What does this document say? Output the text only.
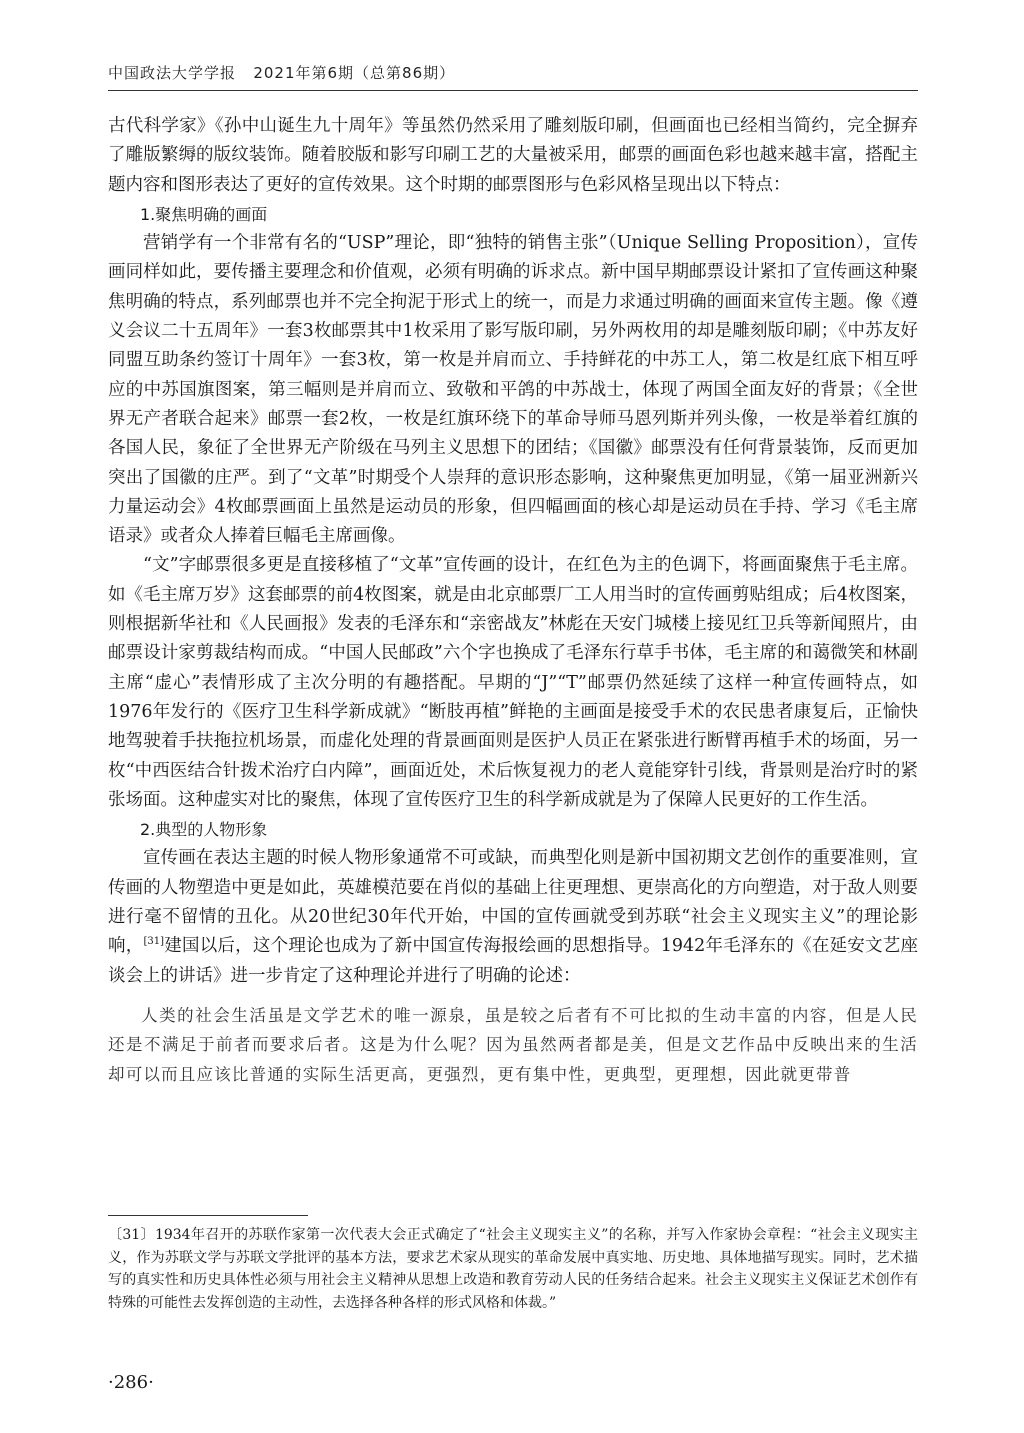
中国政法大学学报 2021年第6期（总第86期）

古代科学家》《孙中山诞生九十周年》等虽然仍然采用了雕刻版印刷，但画面也已经相当简约，完全摒弃了雕版繁缛的版纹装饰。随着胶版和影写印刷工艺的大量被采用，邮票的画面色彩也越来越丰富，搭配主题内容和图形表达了更好的宣传效果。这个时期的邮票图形与色彩风格呈现出以下特点：

1.聚焦明确的画面

营销学有一个非常有名的“USP”理论，即“独特的销售主张”（Unique Selling Proposition），宣传画同样如此，要传播主要理念和价值观，必须有明确的诉求点。新中国早期邮票设计紧扣了宣传画这种聚焦明确的特点，系列邮票也并不完全拘泥于形式上的统一，而是力求通过明确的画面来宣传主题。像《遵义会议二十五周年》一套3枚邮票其中1枚采用了影写版印刷，另外两枚用的却是雕刻版印刷；《中苏友好同盟互助条约签订十周年》一套3枚，第一枚是并肩而立、手持鲜花的中苏工人，第二枚是红底下相互呼应的中苏国旗图案，第三幅则是并肩而立、致敬和平鸽的中苏战士，体现了两国全面友好的背景；《全世界无产者联合起来》邮票一套2枚，一枚是红旗环绕下的革命导师马恩列斯并列头像，一枚是举着红旗的各国人民，象征了全世界无产阶级在马列主义思想下的团结；《国徽》邮票没有任何背景装饰，反而更加突出了国徽的庄严。到了“文革”时期受个人崇拜的意识形态影响，这种聚焦更加明显，《第一届亚洲新兴力量运动会》4枚邮票画面上虽然是运动员的形象，但四幅画面的核心却是运动员在手持、学习《毛主席语录》或者众人捧着巨幅毛主席画像。

“文”字邮票很多更是直接移植了“文革”宣传画的设计，在红色为主的色调下，将画面聚焦于毛主席。如《毛主席万岁》这套邮票的前4枚图案，就是由北京邮票厂工人用当时的宣传画剪贴组成；后4枚图案，则根据新华社和《人民画报》发表的毛泽东和“亲密战友”林彪在天安门城楼上接见红卫兵等新闻照片，由邮票设计家剪裁结构而成。“中国人民邮政”六个字也换成了毛泽东行草手书体，毛主席的和蔼微笑和林副主席“虚心”表情形成了主次分明的有趣搭配。早期的“J”“T”邮票仍然延续了这样一种宣传画特点，如1976年发行的《医疗卫生科学新成就》“断肢再植”鲜艳的主画面是接受手术的农民患者康复后，正愉快地驾驶着手扶拖拉机场景，而虚化处理的背景画面则是医护人员正在紧张进行断臂再植手术的场面，另一枚“中西医结合针拨术治疗白内障”，画面近处，术后恢复视力的老人竟能穿针引线，背景则是治疗时的紧张场面。这种虚实对比的聚焦，体现了宣传医疗卫生的科学新成就是为了保障人民更好的工作生活。

2.典型的人物形象

宣传画在表达主题的时候人物形象通常不可或缺，而典型化则是新中国初期文艺创作的重要准则，宣传画的人物塑造中更是如此，英雄模范要在肖似的基础上往更理想、更崇高化的方向塑造，对于敌人则要进行毫不留情的丑化。从20世纪30年代开始，中国的宣传画就受到苏联“社会主义现实主义”的理论影响，[31]建国以后，这个理论也成为了新中国宣传海报绘画的思想指导。1942年毛泽东的《在延安文艺座谈会上的讲话》进一步肯定了这种理论并进行了明确的论述：

人类的社会生活虽是文学艺术的唯一源泉，虽是较之后者有不可比拟的生动丰富的内容，但是人民还是不满足于前者而要求后者。这是为什么呢？因为虽然两者都是美，但是文艺作品中反映出来的生活却可以而且应该比普通的实际生活更高，更强烈，更有集中性，更典型，更理想，因此就更带普

〔31〕1934年召开的苏联作家第一次代表大会正式确定了“社会主义现实主义”的名称，并写入作家协会章程：“社会主义现实主义，作为苏联文学与苏联文学批评的基本方法，要求艺术家从现实的革命发展中真实地、历史地、具体地描写现实。同时，艺术描写的真实性和历史具体性必须与用社会主义精神从思想上改造和教育劳动人民的任务结合起来。社会主义现实主义保证艺术创作有特殊的可能性去发挥创造的主动性，去选择各种各样的形式风格和体裁。”

·286·
